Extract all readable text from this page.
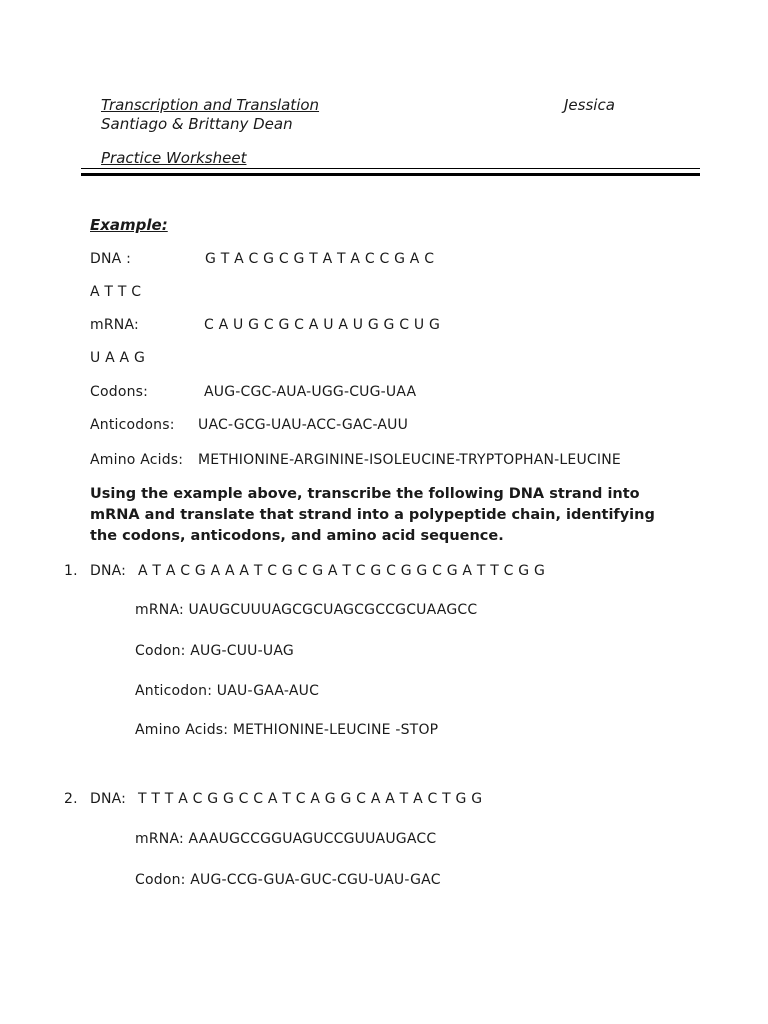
Transcription and Translation	Jessica
Santiago & Brittany Dean
Practice Worksheet
Example:
DNA :	G T A C G C G T A T A C C G A C
A T T C
mRNA:	C A U G C G C A U A U G G C U G
U A A G
Codons:	AUG-CGC-AUA-UGG-CUG-UAA
Anticodons: UAC-GCG-UAU-ACC-GAC-AUU
Amino Acids: METHIONINE-ARGININE-ISOLEUCINE-TRYPTOPHAN-LEUCINE
Using the example above, transcribe the following DNA strand into mRNA and translate that strand into a polypeptide chain, identifying the codons, anticodons, and amino acid sequence.
1. DNA: A T A C G A A A T C G C G A T C G C G G C G A T T C G G
mRNA: UAUGCUUUAGCGCUAGCGCCGCUAAGCC
Codon: AUG-CUU-UAG
Anticodon: UAU-GAA-AUC
Amino Acids: METHIONINE-LEUCINE -STOP
2. DNA: T T T A C G G C C A T C A G G C A A T A C T G G
mRNA: AAAUGCCGGUAGUCCGUUAUGACC
Codon: AUG-CCG-GUA-GUC-CGU-UAU-GAC
